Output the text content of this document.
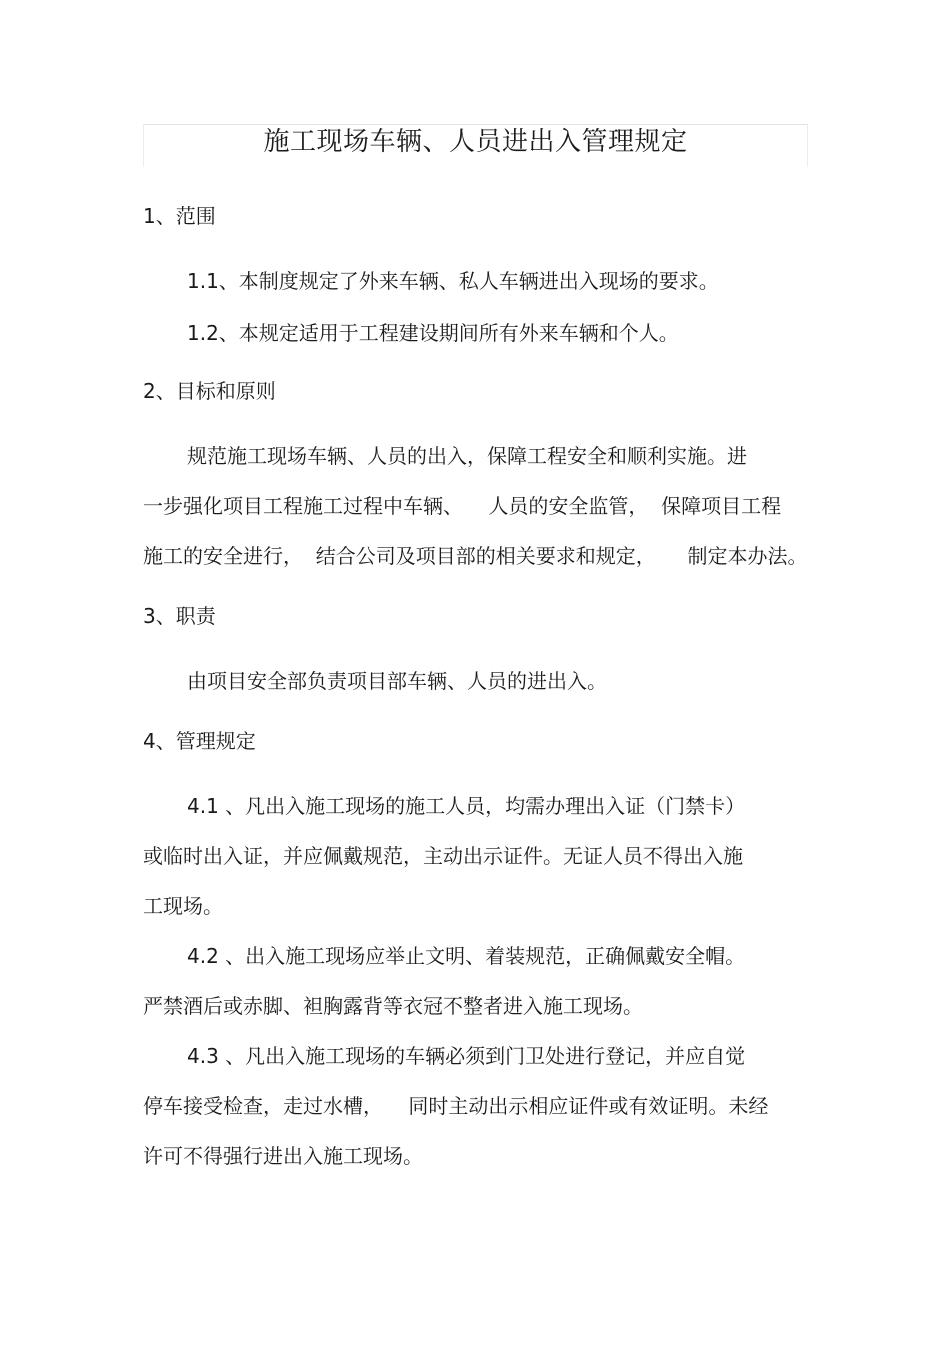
施工现场车辆、人员进出入管理规定
1、范围
1.1、本制度规定了外来车辆、私人车辆进出入现场的要求。
1.2、本规定适用于工程建设期间所有外来车辆和个人。
2、目标和原则
规范施工现场车辆、人员的出入，保障工程安全和顺利实施。进
一步强化项目工程施工过程中车辆、    人员的安全监管，  保障项目工程
施工的安全进行，  结合公司及项目部的相关要求和规定，     制定本办法。
3、职责
由项目安全部负责项目部车辆、人员的进出入。
4、管理规定
4.1 、凡出入施工现场的施工人员，均需办理出入证（门禁卡）
或临时出入证，并应佩戴规范，主动出示证件。无证人员不得出入施
工现场。
4.2 、出入施工现场应举止文明、着装规范，正确佩戴安全帽。
严禁酒后或赤脚、袒胸露背等衣冠不整者进入施工现场。
4.3 、凡出入施工现场的车辆必须到门卫处进行登记，并应自觉
停车接受检查，走过水槽，    同时主动出示相应证件或有效证明。未经
许可不得强行进出入施工现场。
